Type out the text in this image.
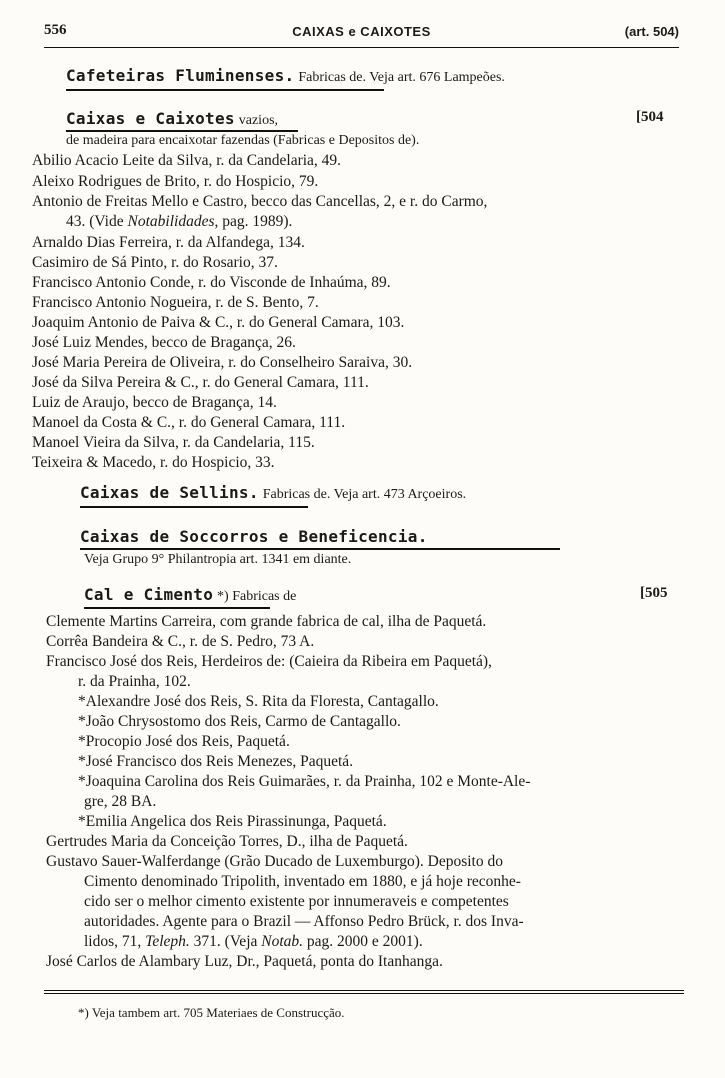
556	CAIXAS e CAIXOTES	(art. 504)
Cafeteiras Fluminenses. Fabricas de. Veja art. 676 Lampeões.
Caixas e Caixotes vazios,	[504
de madeira para encaixotar fazendas (Fabricas e Depositos de).
Abilio Acacio Leite da Silva, r. da Candelaria, 49.
Aleixo Rodrigues de Brito, r. do Hospicio, 79.
Antonio de Freitas Mello e Castro, becco das Cancellas, 2, e r. do Carmo,
43. (Vide Notabilidades, pag. 1989).
Arnaldo Dias Ferreira, r. da Alfandega, 134.
Casimiro de Sá Pinto, r. do Rosario, 37.
Francisco Antonio Conde, r. do Visconde de Inhaúma, 89.
Francisco Antonio Nogueira, r. de S. Bento, 7.
Joaquim Antonio de Paiva & C., r. do General Camara, 103.
José Luiz Mendes, becco de Bragança, 26.
José Maria Pereira de Oliveira, r. do Conselheiro Saraiva, 30.
José da Silva Pereira & C., r. do General Camara, 111.
Luiz de Araujo, becco de Bragança, 14.
Manoel da Costa & C., r. do General Camara, 111.
Manoel Vieira da Silva, r. da Candelaria, 115.
Teixeira & Macedo, r. do Hospicio, 33.
Caixas de Sellins. Fabricas de. Veja art. 473 Arçoeiros.
Caixas de Soccorros e Beneficencia.
Veja Grupo 9° Philantropia art. 1341 em diante.
Cal e Cimento *) Fabricas de	[505
Clemente Martins Carreira, com grande fabrica de cal, ilha de Paquetá.
Corrêa Bandeira & C., r. de S. Pedro, 73 A.
Francisco José dos Reis, Herdeiros de: (Caieira da Ribeira em Paquetá),
r. da Prainha, 102.
*Alexandre José dos Reis, S. Rita da Floresta, Cantagallo.
*João Chrysostomo dos Reis, Carmo de Cantagallo.
*Procopio José dos Reis, Paquetá.
*José Francisco dos Reis Menezes, Paquetá.
*Joaquina Carolina dos Reis Guimarães, r. da Prainha, 102 e Monte-Ale-
gre, 28 BA.
*Emilia Angelica dos Reis Pirassinunga, Paquetá.
Gertrudes Maria da Conceição Torres, D., ilha de Paquetá.
Gustavo Sauer-Walferdange (Grão Ducado de Luxemburgo). Deposito do
Cimento denominado Tripolith, inventado em 1880, e já hoje reconhe-
cido ser o melhor cimento existente por innumeraveis e competentes
autoridades. Agente para o Brazil — Affonso Pedro Brück, r. dos Inva-
lidos, 71, Teleph. 371. (Veja Notab. pag. 2000 e 2001).
José Carlos de Alambary Luz, Dr., Paquetá, ponta do Itanhanga.
*) Veja tambem art. 705 Materiaes de Construcção.
